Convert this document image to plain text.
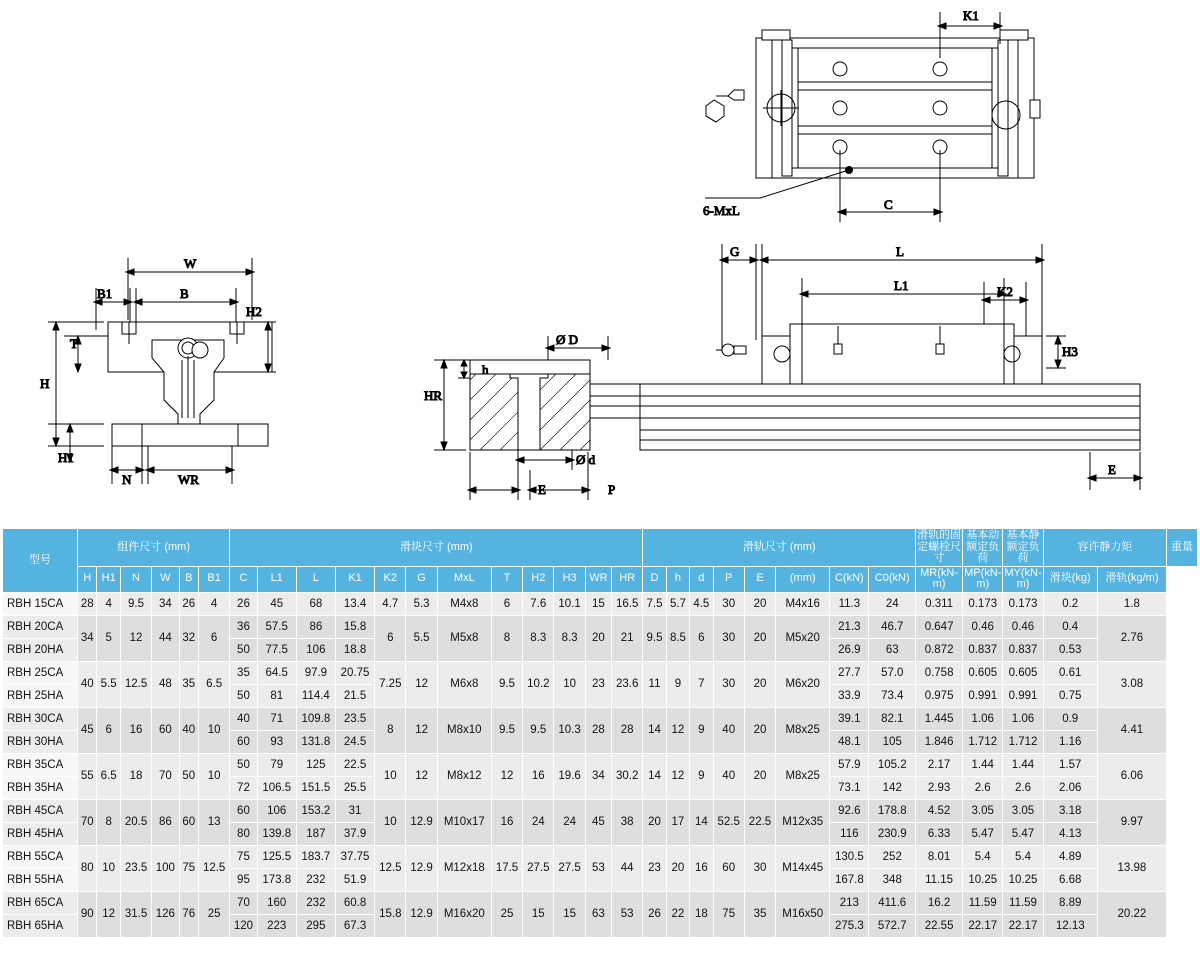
K1
C
6-MxL
W
B1	B
H2
T
H
H1
N	WR
G	L
L1	K2
H3
Ø D
h
HR
Ø d
E	P
E
型号	组件尺寸 (mm)						滑块尺寸 (mm)												滑轨尺寸 (mm)								滑轨的固定螺栓尺寸	基本动额定负荷	基本静额定负荷	容许静力矩		重量
	H	H1	N	W	B	B1	C	L1	L	K1	K2	G	MxL	T	H2	H3	WR	HR	D	h	d	P	E	(mm)	C(kN)	C0(kN)	MR(kN-m)	MP(kN-m)	MY(kN-m)	滑块(kg)	滑轨(kg/m)	
RBH 15CA	28	4	9.5	34	26	4	26	45	68	13.4	4.7	5.3	M4x8	6	7.6	10.1	15	16.5	7.5	5.7	4.5	30	20	M4x16	11.3	24	0.311	0.173	0.173	0.2	1.8	
RBH 20CA	34	5	12	44	32	6	36	57.5	86	15.8	6	5.5	M5x8	8	8.3	8.3	20	21	9.5	8.5	6	30	20	M5x20	21.3	46.7	0.647	0.46	0.46	0.4	2.76	
RBH 20HA							50	77.5	106	18.8															26.9	63	0.872	0.837	0.837	0.53		
RBH 25CA	40	5.5	12.5	48	35	6.5	35	64.5	97.9	20.75	7.25	12	M6x8	9.5	10.2	10	23	23.6	11	9	7	30	20	M6x20	27.7	57.0	0.758	0.605	0.605	0.61	3.08	
RBH 25HA							50	81	114.4	21.5															33.9	73.4	0.975	0.991	0.991	0.75		
RBH 30CA	45	6	16	60	40	10	40	71	109.8	23.5	8	12	M8x10	9.5	9.5	10.3	28	28	14	12	9	40	20	M8x25	39.1	82.1	1.445	1.06	1.06	0.9	4.41	
RBH 30HA							60	93	131.8	24.5															48.1	105	1.846	1.712	1.712	1.16		
RBH 35CA	55	6.5	18	70	50	10	50	79	125	22.5	10	12	M8x12	12	16	19.6	34	30.2	14	12	9	40	20	M8x25	57.9	105.2	2.17	1.44	1.44	1.57	6.06	
RBH 35HA							72	106.5	151.5	25.5															73.1	142	2.93	2.6	2.6	2.06		
RBH 45CA	70	8	20.5	86	60	13	60	106	153.2	31	10	12.9	M10x17	16	24	24	45	38	20	17	14	52.5	22.5	M12x35	92.6	178.8	4.52	3.05	3.05	3.18	9.97	
RBH 45HA							80	139.8	187	37.9															116	230.9	6.33	5.47	5.47	4.13		
RBH 55CA	80	10	23.5	100	75	12.5	75	125.5	183.7	37.75	12.5	12.9	M12x18	17.5	27.5	27.5	53	44	23	20	16	60	30	M14x45	130.5	252	8.01	5.4	5.4	4.89	13.98	
RBH 55HA							95	173.8	232	51.9															167.8	348	11.15	10.25	10.25	6.68		
RBH 65CA	90	12	31.5	126	76	25	70	160	232	60.8	15.8	12.9	M16x20	25	15	15	63	53	26	22	18	75	35	M16x50	213	411.6	16.2	11.59	11.59	8.89	20.22	
RBH 65HA							120	223	295	67.3															275.3	572.7	22.55	22.17	22.17	12.13		
